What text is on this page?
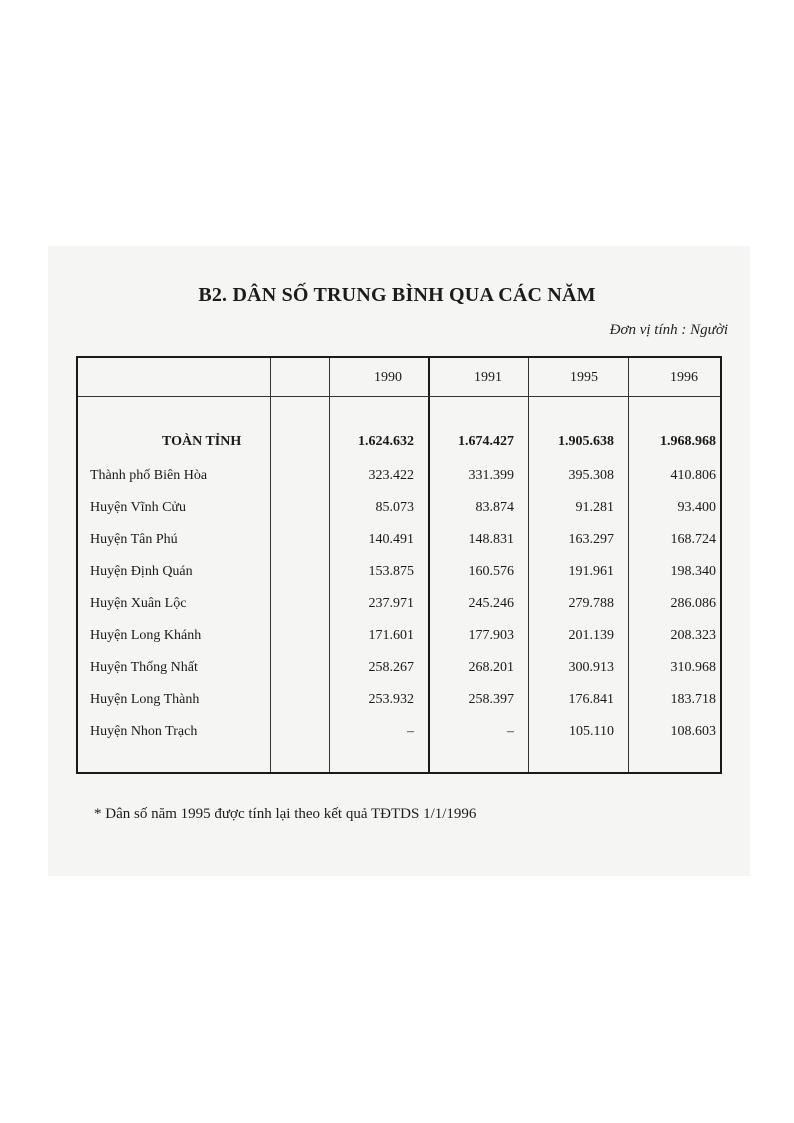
B2. DÂN SỐ TRUNG BÌNH QUA CÁC NĂM
Đơn vị tính : Người
1990	1991	1995	1996
TOÀN TỈNH	1.624.632	1.674.427	1.905.638	1.968.968
Thành phố Biên Hòa	323.422	331.399	395.308	410.806
Huyện Vĩnh Cửu	85.073	83.874	91.281	93.400
Huyện Tân Phú	140.491	148.831	163.297	168.724
Huyện Định Quán	153.875	160.576	191.961	198.340
Huyện Xuân Lộc	237.971	245.246	279.788	286.086
Huyện Long Khánh	171.601	177.903	201.139	208.323
Huyện Thống Nhất	258.267	268.201	300.913	310.968
Huyện Long Thành	253.932	258.397	176.841	183.718
Huyện Nhon Trạch	–	–	105.110	108.603
* Dân số năm 1995 được tính lại theo kết quả TĐTDS 1/1/1996
